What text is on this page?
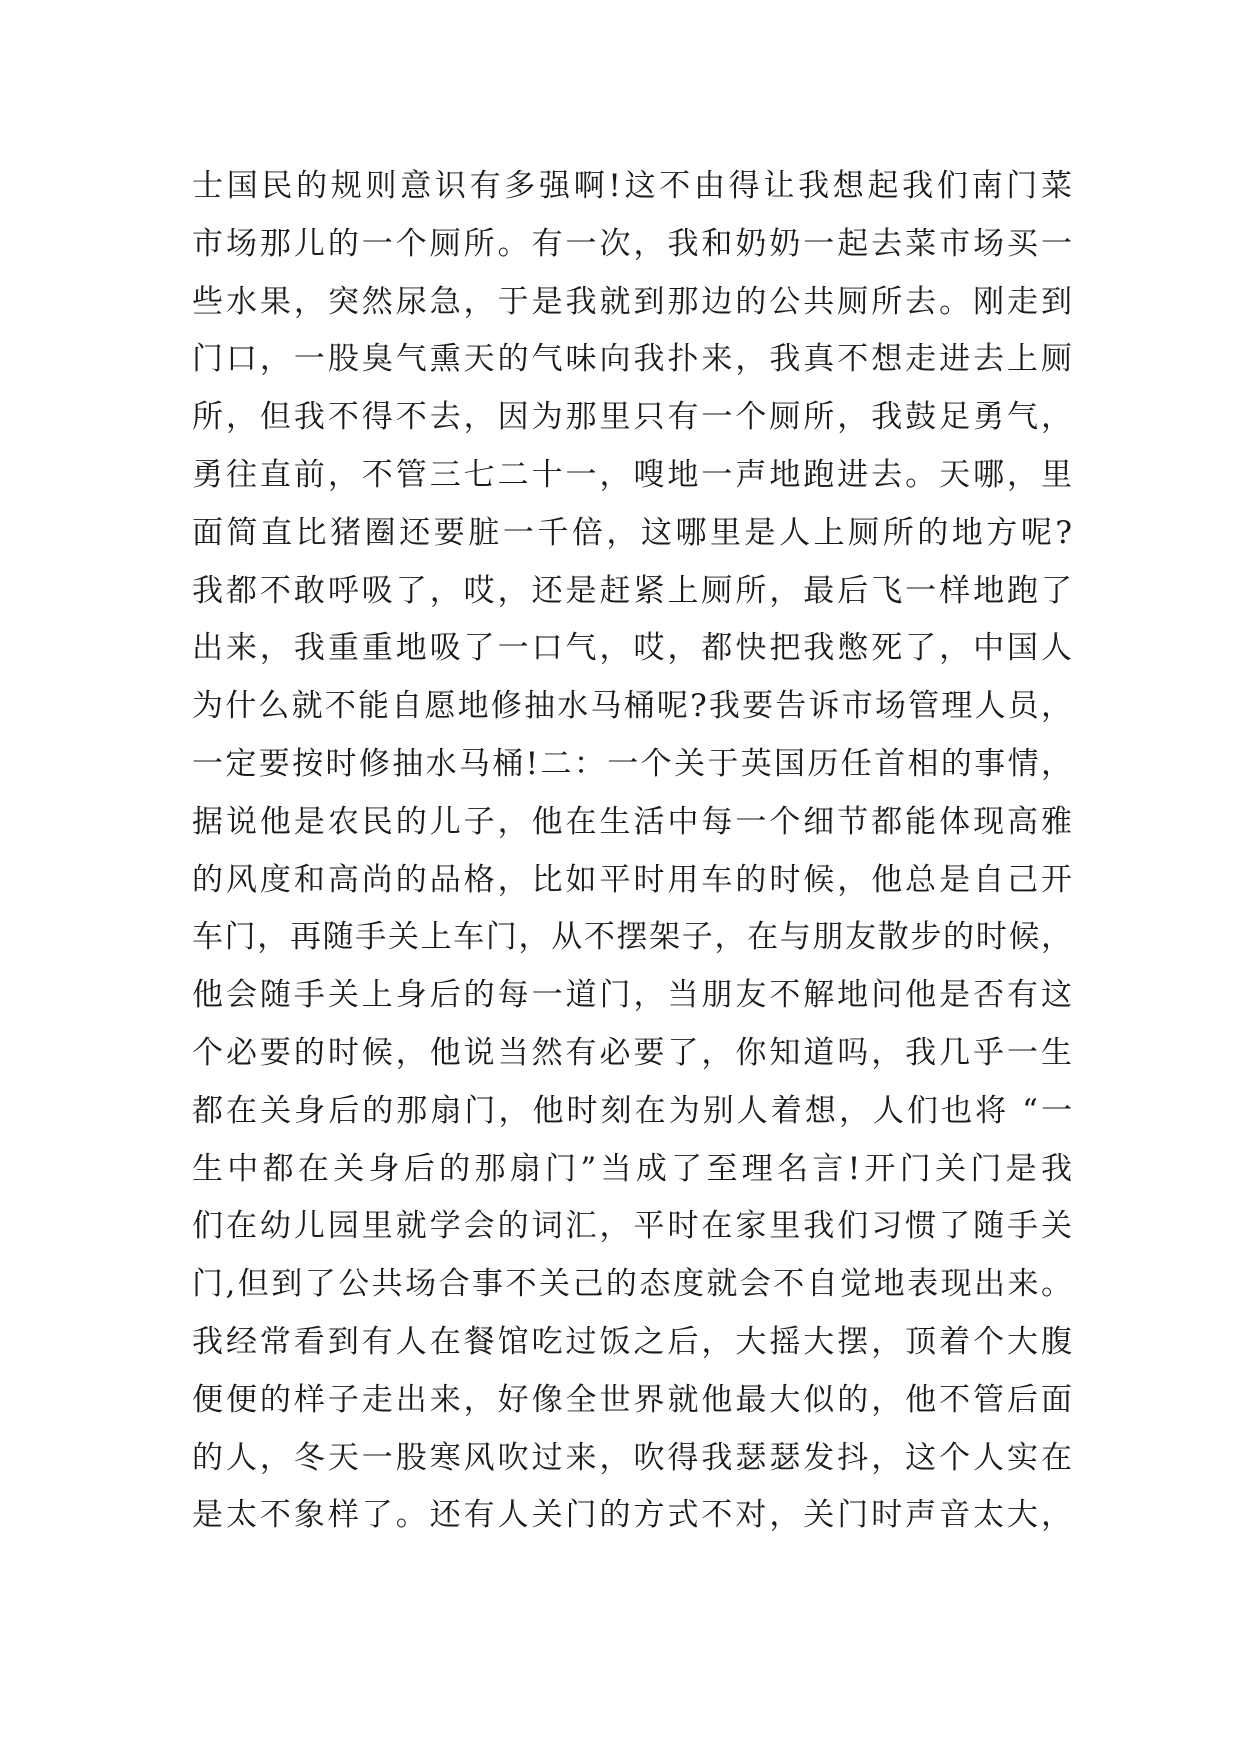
士国民的规则意识有多强啊!这不由得让我想起我们南门菜
市场那儿的一个厕所。有一次，我和奶奶一起去菜市场买一
些水果，突然尿急，于是我就到那边的公共厕所去。刚走到
门口，一股臭气熏天的气味向我扑来，我真不想走进去上厕
所，但我不得不去，因为那里只有一个厕所，我鼓足勇气，
勇往直前，不管三七二十一，嗖地一声地跑进去。天哪，里
面简直比猪圈还要脏一千倍，这哪里是人上厕所的地方呢?
我都不敢呼吸了，哎，还是赶紧上厕所，最后飞一样地跑了
出来，我重重地吸了一口气，哎，都快把我憋死了，中国人
为什么就不能自愿地修抽水马桶呢?我要告诉市场管理人员，
一定要按时修抽水马桶!二：一个关于英国历任首相的事情，
据说他是农民的儿子，他在生活中每一个细节都能体现高雅
的风度和高尚的品格，比如平时用车的时候，他总是自己开
车门，再随手关上车门，从不摆架子，在与朋友散步的时候，
他会随手关上身后的每一道门，当朋友不解地问他是否有这
个必要的时候，他说当然有必要了，你知道吗，我几乎一生
都在关身后的那扇门，他时刻在为别人着想，人们也将 “一
生中都在关身后的那扇门”当成了至理名言!开门关门是我
们在幼儿园里就学会的词汇，平时在家里我们习惯了随手关
门,但到了公共场合事不关己的态度就会不自觉地表现出来。
我经常看到有人在餐馆吃过饭之后，大摇大摆，顶着个大腹
便便的样子走出来，好像全世界就他最大似的，他不管后面
的人，冬天一股寒风吹过来，吹得我瑟瑟发抖，这个人实在
是太不象样了。还有人关门的方式不对，关门时声音太大，
